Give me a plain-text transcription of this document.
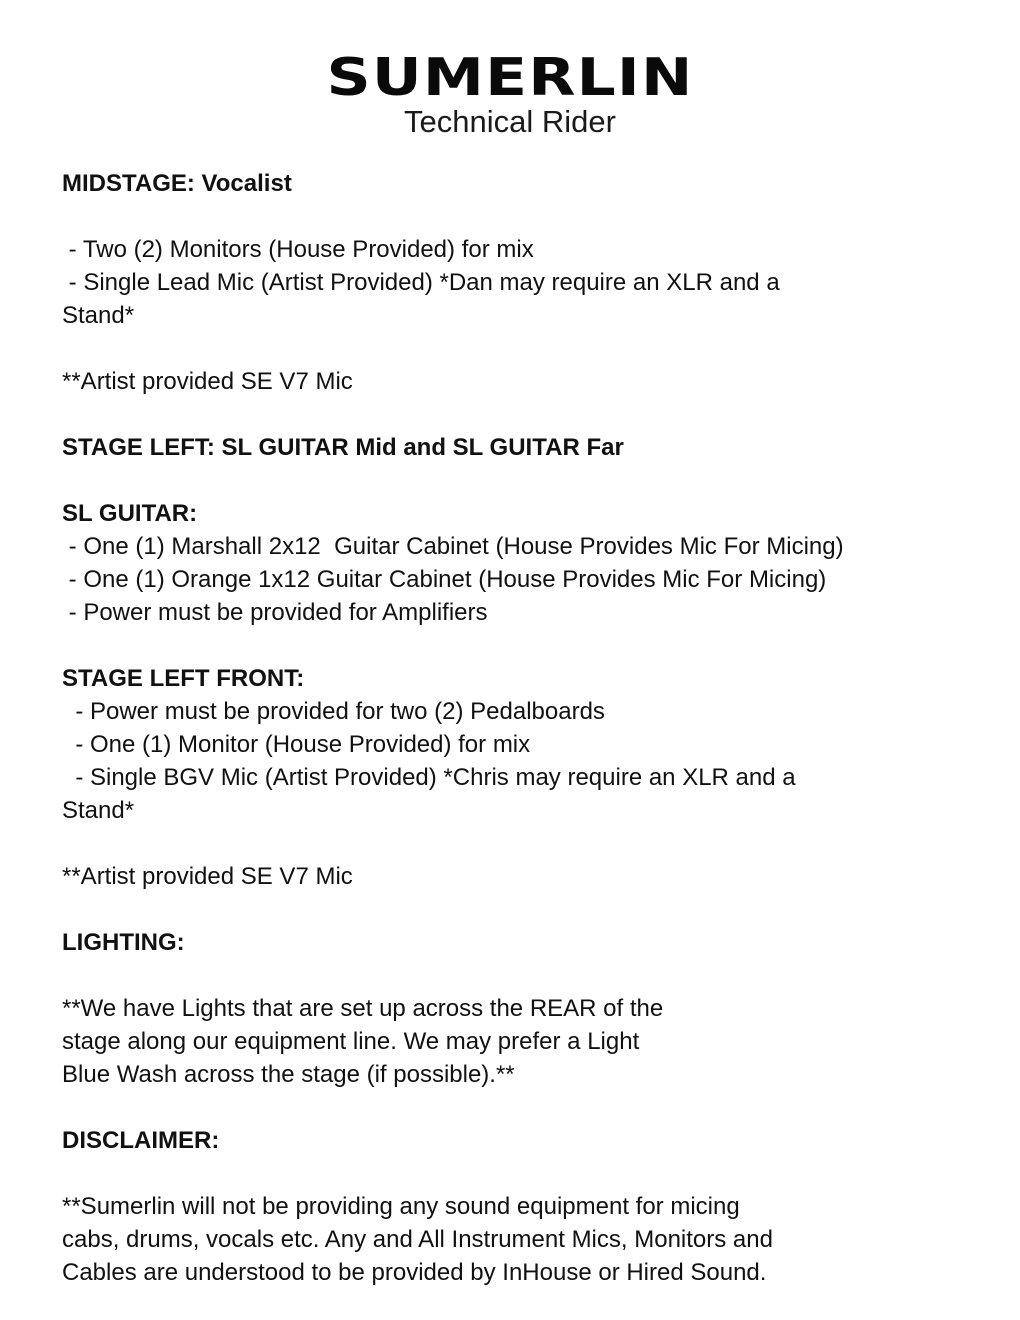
SUMERLIN
Technical Rider
MIDSTAGE: Vocalist
- Two (2) Monitors (House Provided) for mix
- Single Lead Mic (Artist Provided) *Dan may require an XLR and a
Stand*
**Artist provided SE V7 Mic
STAGE LEFT: SL GUITAR Mid and SL GUITAR Far
SL GUITAR:
- One (1) Marshall 2x12  Guitar Cabinet (House Provides Mic For Micing)
- One (1) Orange 1x12 Guitar Cabinet (House Provides Mic For Micing)
- Power must be provided for Amplifiers
STAGE LEFT FRONT:
- Power must be provided for two (2) Pedalboards
- One (1) Monitor (House Provided) for mix
- Single BGV Mic (Artist Provided) *Chris may require an XLR and a
Stand*
**Artist provided SE V7 Mic
LIGHTING:
**We have Lights that are set up across the REAR of the
stage along our equipment line. We may prefer a Light
Blue Wash across the stage (if possible).**
DISCLAIMER:
**Sumerlin will not be providing any sound equipment for micing
cabs, drums, vocals etc. Any and All Instrument Mics, Monitors and
Cables are understood to be provided by InHouse or Hired Sound.
